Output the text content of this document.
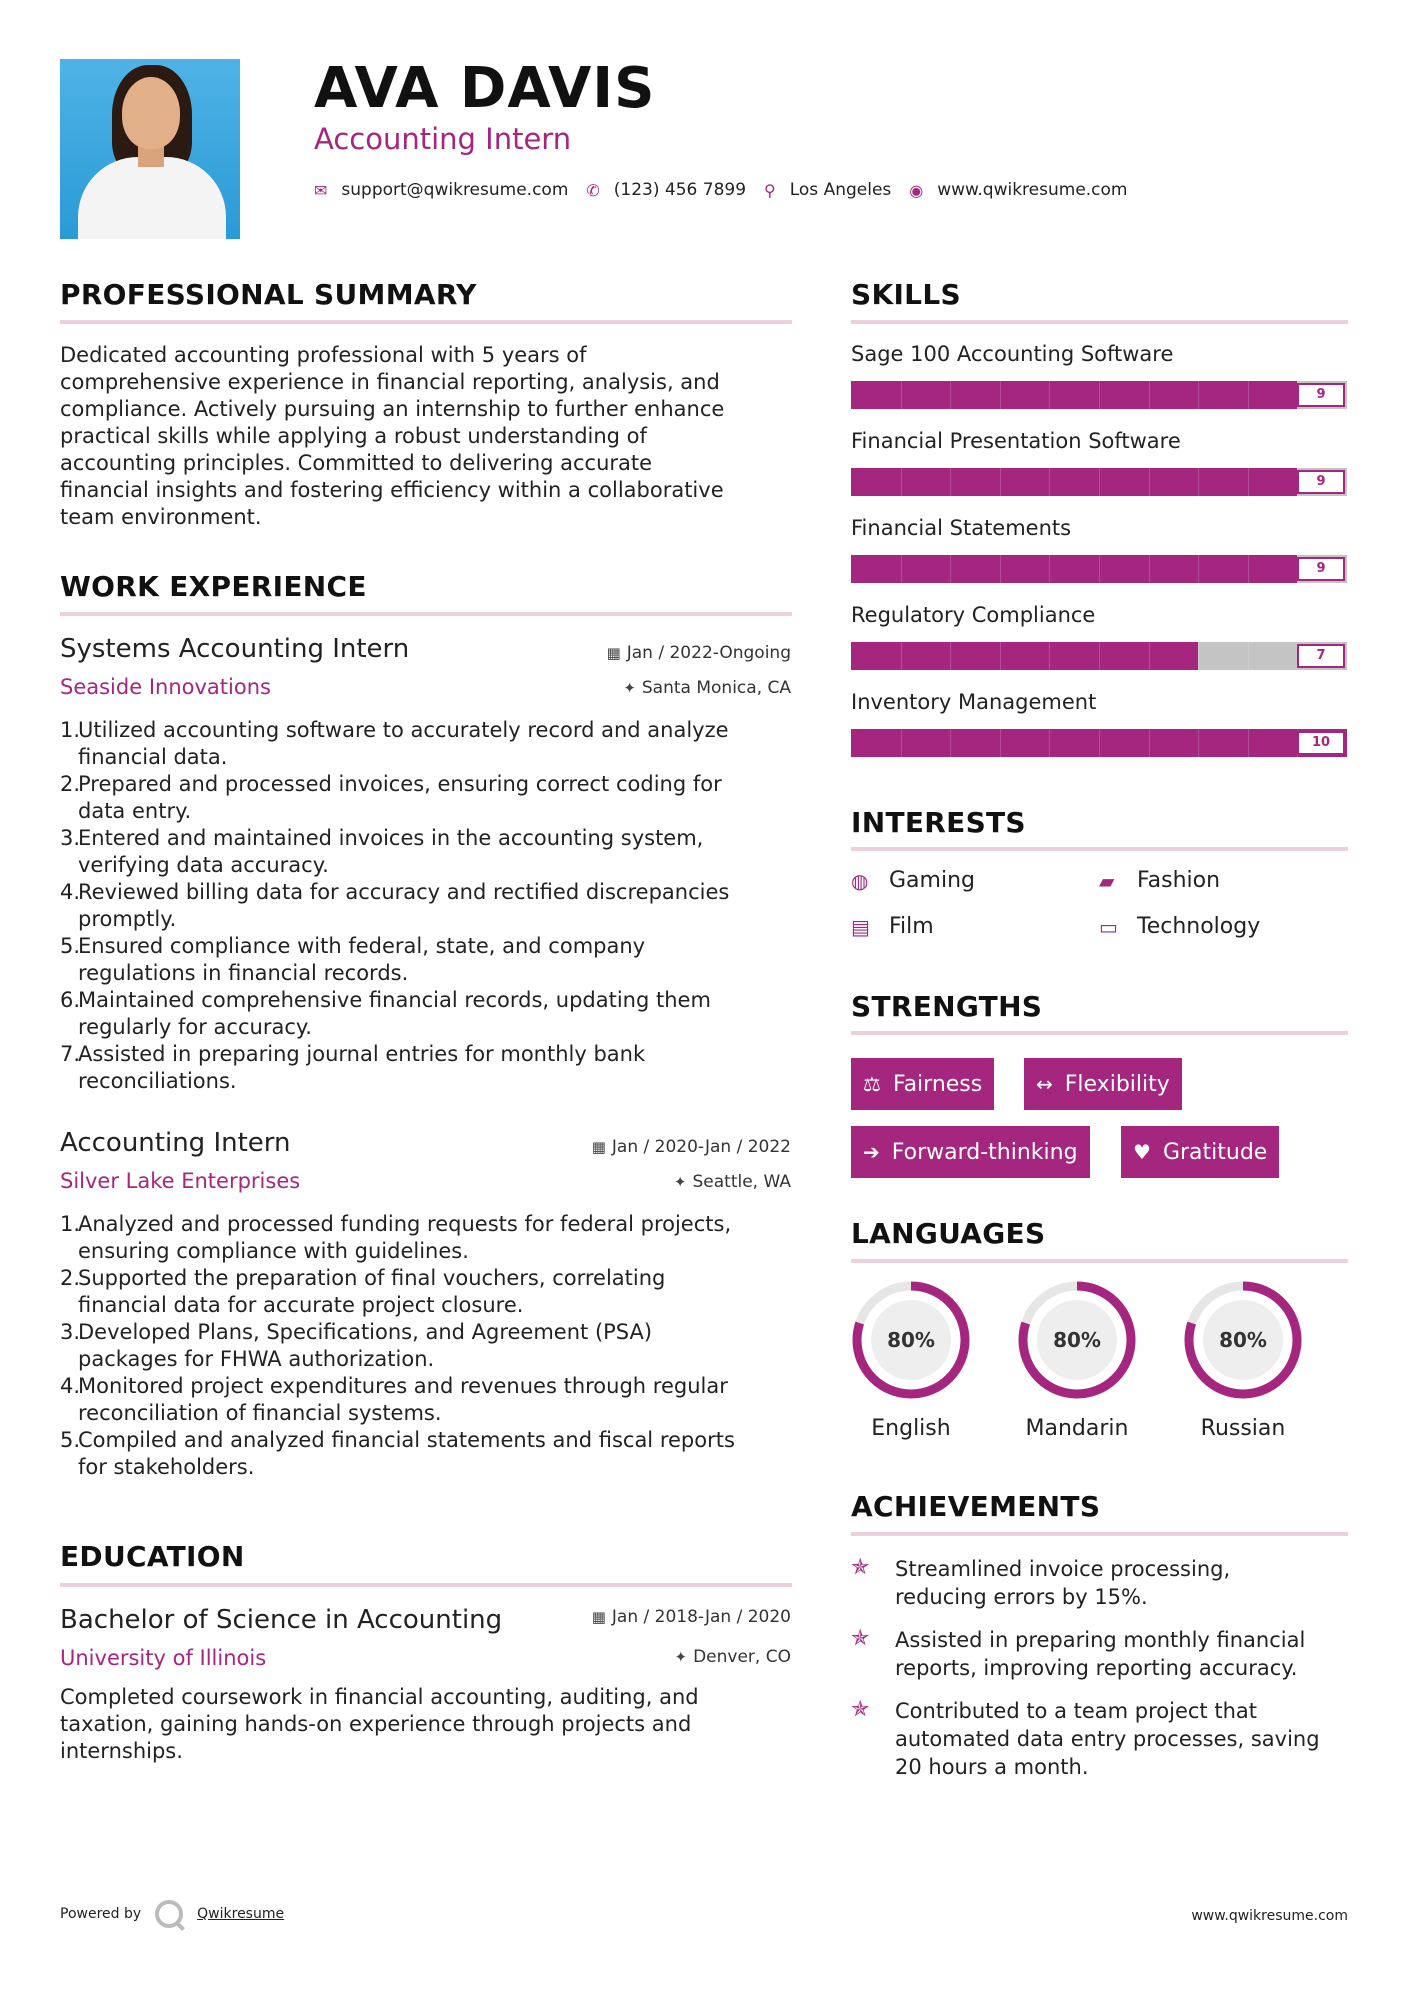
AVA DAVIS
Accounting Intern
✉ support@qwikresume.com ✆ (123) 456 7899 ⚲ Los Angeles ◉ www.qwikresume.com
PROFESSIONAL SUMMARY
Dedicated accounting professional with 5 years of
comprehensive experience in financial reporting, analysis, and
compliance. Actively pursuing an internship to further enhance
practical skills while applying a robust understanding of
accounting principles. Committed to delivering accurate
financial insights and fostering efficiency within a collaborative
team environment.
WORK EXPERIENCE
Systems Accounting Intern	▦ Jan / 2022-Ongoing
Seaside Innovations	✦ Santa Monica, CA
1.
Utilized accounting software to accurately record and analyze
financial data.
2.
Prepared and processed invoices, ensuring correct coding for
data entry.
3.
Entered and maintained invoices in the accounting system,
verifying data accuracy.
4.
Reviewed billing data for accuracy and rectified discrepancies
promptly.
5.
Ensured compliance with federal, state, and company
regulations in financial records.
6.
Maintained comprehensive financial records, updating them
regularly for accuracy.
7.
Assisted in preparing journal entries for monthly bank
reconciliations.
Accounting Intern	▦ Jan / 2020-Jan / 2022
Silver Lake Enterprises	✦ Seattle, WA
1.
Analyzed and processed funding requests for federal projects,
ensuring compliance with guidelines.
2.
Supported the preparation of final vouchers, correlating
financial data for accurate project closure.
3.
Developed Plans, Specifications, and Agreement (PSA)
packages for FHWA authorization.
4.
Monitored project expenditures and revenues through regular
reconciliation of financial systems.
5.
Compiled and analyzed financial statements and fiscal reports
for stakeholders.
EDUCATION
Bachelor of Science in Accounting	▦ Jan / 2018-Jan / 2020
University of Illinois	✦ Denver, CO
Completed coursework in financial accounting, auditing, and
taxation, gaining hands-on experience through projects and
internships.
SKILLS
Sage 100 Accounting Software
9
Financial Presentation Software
9
Financial Statements
9
Regulatory Compliance
7
Inventory Management
10
INTERESTS
◍ Gaming	▰	Fashion
▤ Film	▭ Technology
STRENGTHS
⚖ Fairness	↔ Flexibility
➔ Forward-thinking	♥ Gratitude
LANGUAGES
80%
English
80%
Mandarin
80%
Russian
ACHIEVEMENTS
✯	Streamlined invoice processing,
reducing errors by 15%.
✯	Assisted in preparing monthly financial
reports, improving reporting accuracy.
✯	Contributed to a team project that
automated data entry processes, saving
20 hours a month.
Powered by	Qwikresume	www.qwikresume.com
